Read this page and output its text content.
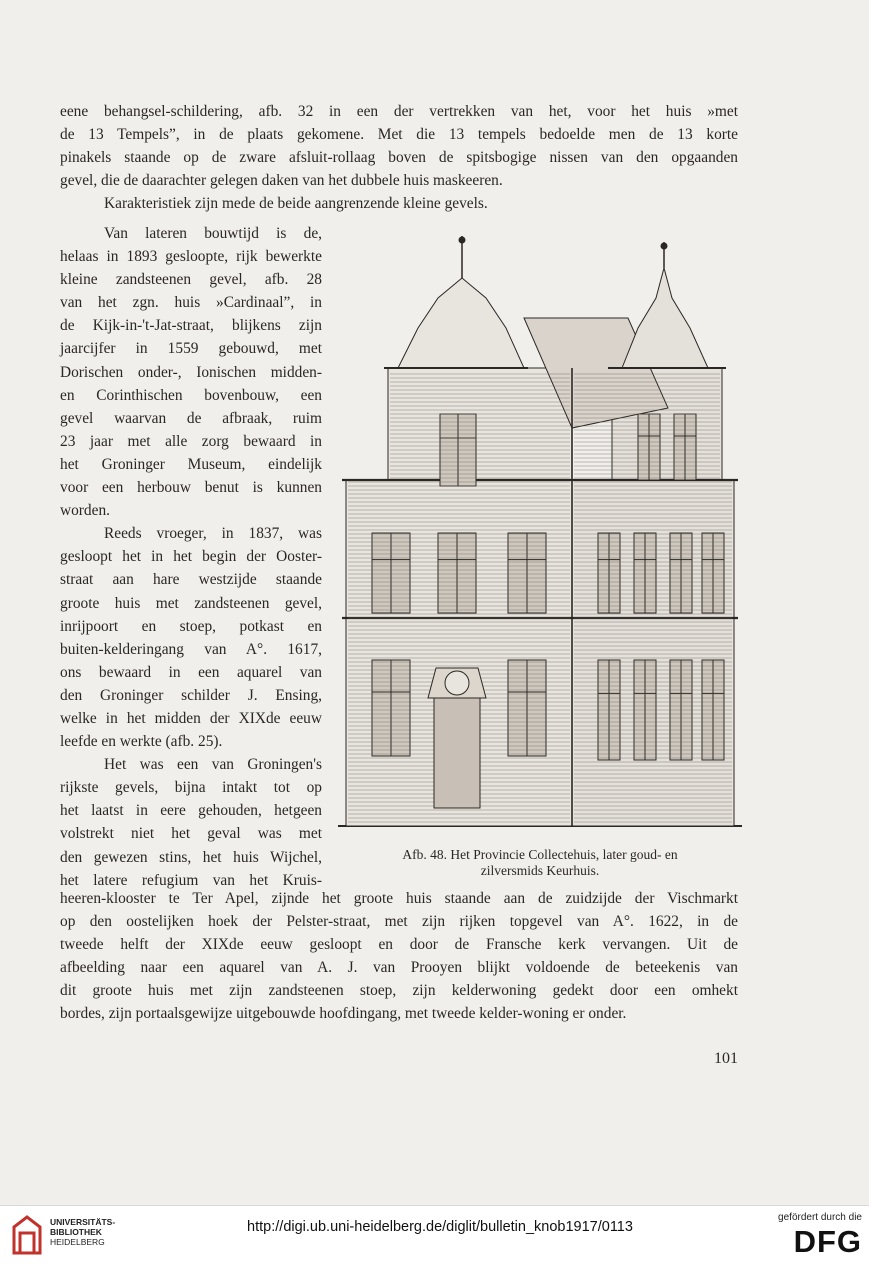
eene behangsel-schildering, afb. 32 in een der vertrekken van het, voor het huis »met
de 13 Tempels”, in de plaats gekomene. Met die 13 tempels bedoelde men de 13 korte
pinakels staande op de zware afsluit-rollaag boven de spitsbogige nissen van den opgaanden
gevel, die de daarachter gelegen daken van het dubbele huis maskeeren.
Karakteristiek zijn mede de beide aangrenzende kleine gevels.
Van lateren bouwtijd is de,
helaas in 1893 gesloopte, rijk bewerkte
kleine zandsteenen gevel, afb. 28
van het zgn. huis »Cardinaal”, in
de Kijk-in-'t-Jat-straat, blijkens zijn
jaarcijfer in 1559 gebouwd, met
Dorischen onder-, Ionischen midden-
en Corinthischen bovenbouw, een
gevel waarvan de afbraak, ruim
23 jaar met alle zorg bewaard in
het Groninger Museum, eindelijk
voor een herbouw benut is kunnen
worden.
Reeds vroeger, in 1837, was
gesloopt het in het begin der Ooster-
straat aan hare westzijde staande
groote huis met zandsteenen gevel,
inrijpoort en stoep, potkast en
buiten-kelderingang van A°. 1617,
ons bewaard in een aquarel van
den Groninger schilder J. Ensing,
welke in het midden der XIXde eeuw
leefde en werkte (afb. 25).
Het was een van Groningen's
rijkste gevels, bijna intakt tot op
het laatst in eere gehouden, hetgeen
volstrekt niet het geval was met
den gewezen stins, het huis Wijchel,
het latere refugium van het Kruis-
Afb. 48. Het Provincie Collectehuis, later goud- en
zilversmids Keurhuis.
heeren-klooster te Ter Apel, zijnde het groote huis staande aan de zuidzijde der Vischmarkt
op den oostelijken hoek der Pelster-straat, met zijn rijken topgevel van A°. 1622, in de
tweede helft der XIXde eeuw gesloopt en door de Fransche kerk vervangen. Uit de
afbeelding naar een aquarel van A. J. van Prooyen blijkt voldoende de beteekenis van
dit groote huis met zijn zandsteenen stoep, zijn kelderwoning gedekt door een omhekt
bordes, zijn portaalsgewijze uitgebouwde hoofdingang, met tweede kelder-woning er onder.
101
UNIVERSITÄTS-
BIBLIOTHEK
HEIDELBERG
http://digi.ub.uni-heidelberg.de/diglit/bulletin_knob1917/0113
gefördert durch die
DFG
